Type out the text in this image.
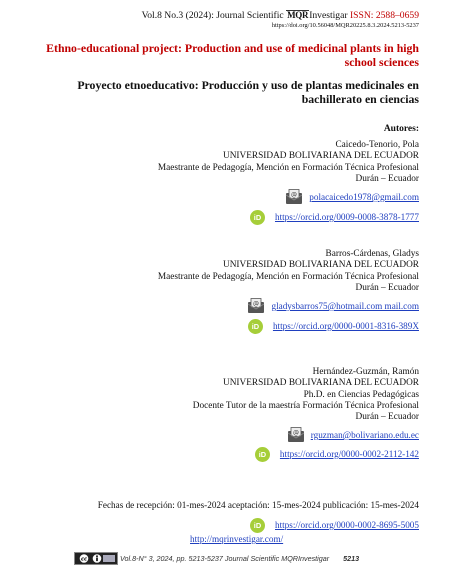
Vol.8 No.3 (2024): Journal Scientific MQRInvestigar ISSN: 2588–0659
https://doi.org/10.56048/MQR20225.8.3.2024.5213-5237
Ethno-educational project: Production and use of medicinal plants in high school sciences
Proyecto etnoeducativo: Producción y uso de plantas medicinales en bachillerato en ciencias
Autores:
Caicedo-Tenorio, Pola
UNIVERSIDAD BOLIVARIANA DEL ECUADOR
Maestrante de Pedagogía, Mención en Formación Técnica Profesional
Durán – Ecuador
@ polacaicedo1978@gmail.com
iD	https://orcid.org/0009-0008-3878-1777
Barros-Cárdenas, Gladys
UNIVERSIDAD BOLIVARIANA DEL ECUADOR
Maestrante de Pedagogía, Mención en Formación Técnica Profesional
Durán – Ecuador
@ gladysbarros75@hotmail.com mail.com
iD	https://orcid.org/0000-0001-8316-389X
Hernández-Guzmán, Ramón
UNIVERSIDAD BOLIVARIANA DEL ECUADOR
Ph.D. en Ciencias Pedagógicas
Docente Tutor de la maestría Formación Técnica Profesional
Durán – Ecuador
@ rguzman@bolivariano.edu.ec
iD	https://orcid.org/0000-0002-2112-142
Fechas de recepción: 01-mes-2024 aceptación: 15-mes-2024 publicación: 15-mes-2024
iD	https://orcid.org/0000-0002-8695-5005
http://mqrinvestigar.com/
cc	Vol.8-N° 3, 2024, pp. 5213-5237 Journal Scientific MQRInvestigar 5213
